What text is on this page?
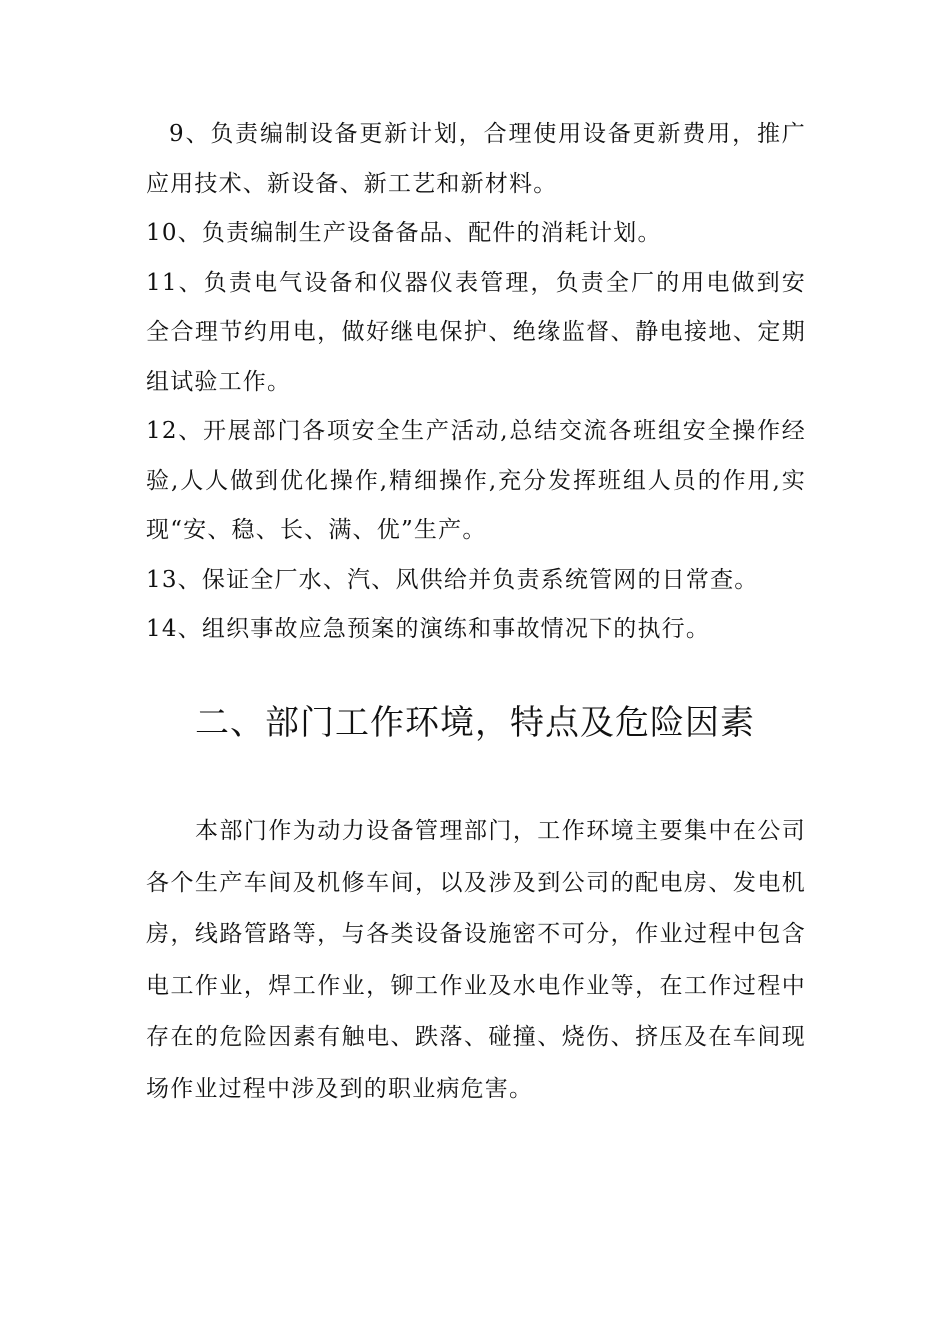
9、负责编制设备更新计划，合理使用设备更新费用，推广应用技术、新设备、新工艺和新材料。

10、负责编制生产设备备品、配件的消耗计划。

11、负责电气设备和仪器仪表管理，负责全厂的用电做到安全合理节约用电，做好继电保护、绝缘监督、静电接地、定期组试验工作。

12、开展部门各项安全生产活动,总结交流各班组安全操作经验,人人做到优化操作,精细操作,充分发挥班组人员的作用,实现“安、稳、长、满、优”生产。

13、保证全厂水、汽、风供给并负责系统管网的日常查。

14、组织事故应急预案的演练和事故情况下的执行。

二、部门工作环境，特点及危险因素

本部门作为动力设备管理部门，工作环境主要集中在公司各个生产车间及机修车间，以及涉及到公司的配电房、发电机房，线路管路等，与各类设备设施密不可分，作业过程中包含电工作业，焊工作业，铆工作业及水电作业等，在工作过程中存在的危险因素有触电、跌落、碰撞、烧伤、挤压及在车间现场作业过程中涉及到的职业病危害。
